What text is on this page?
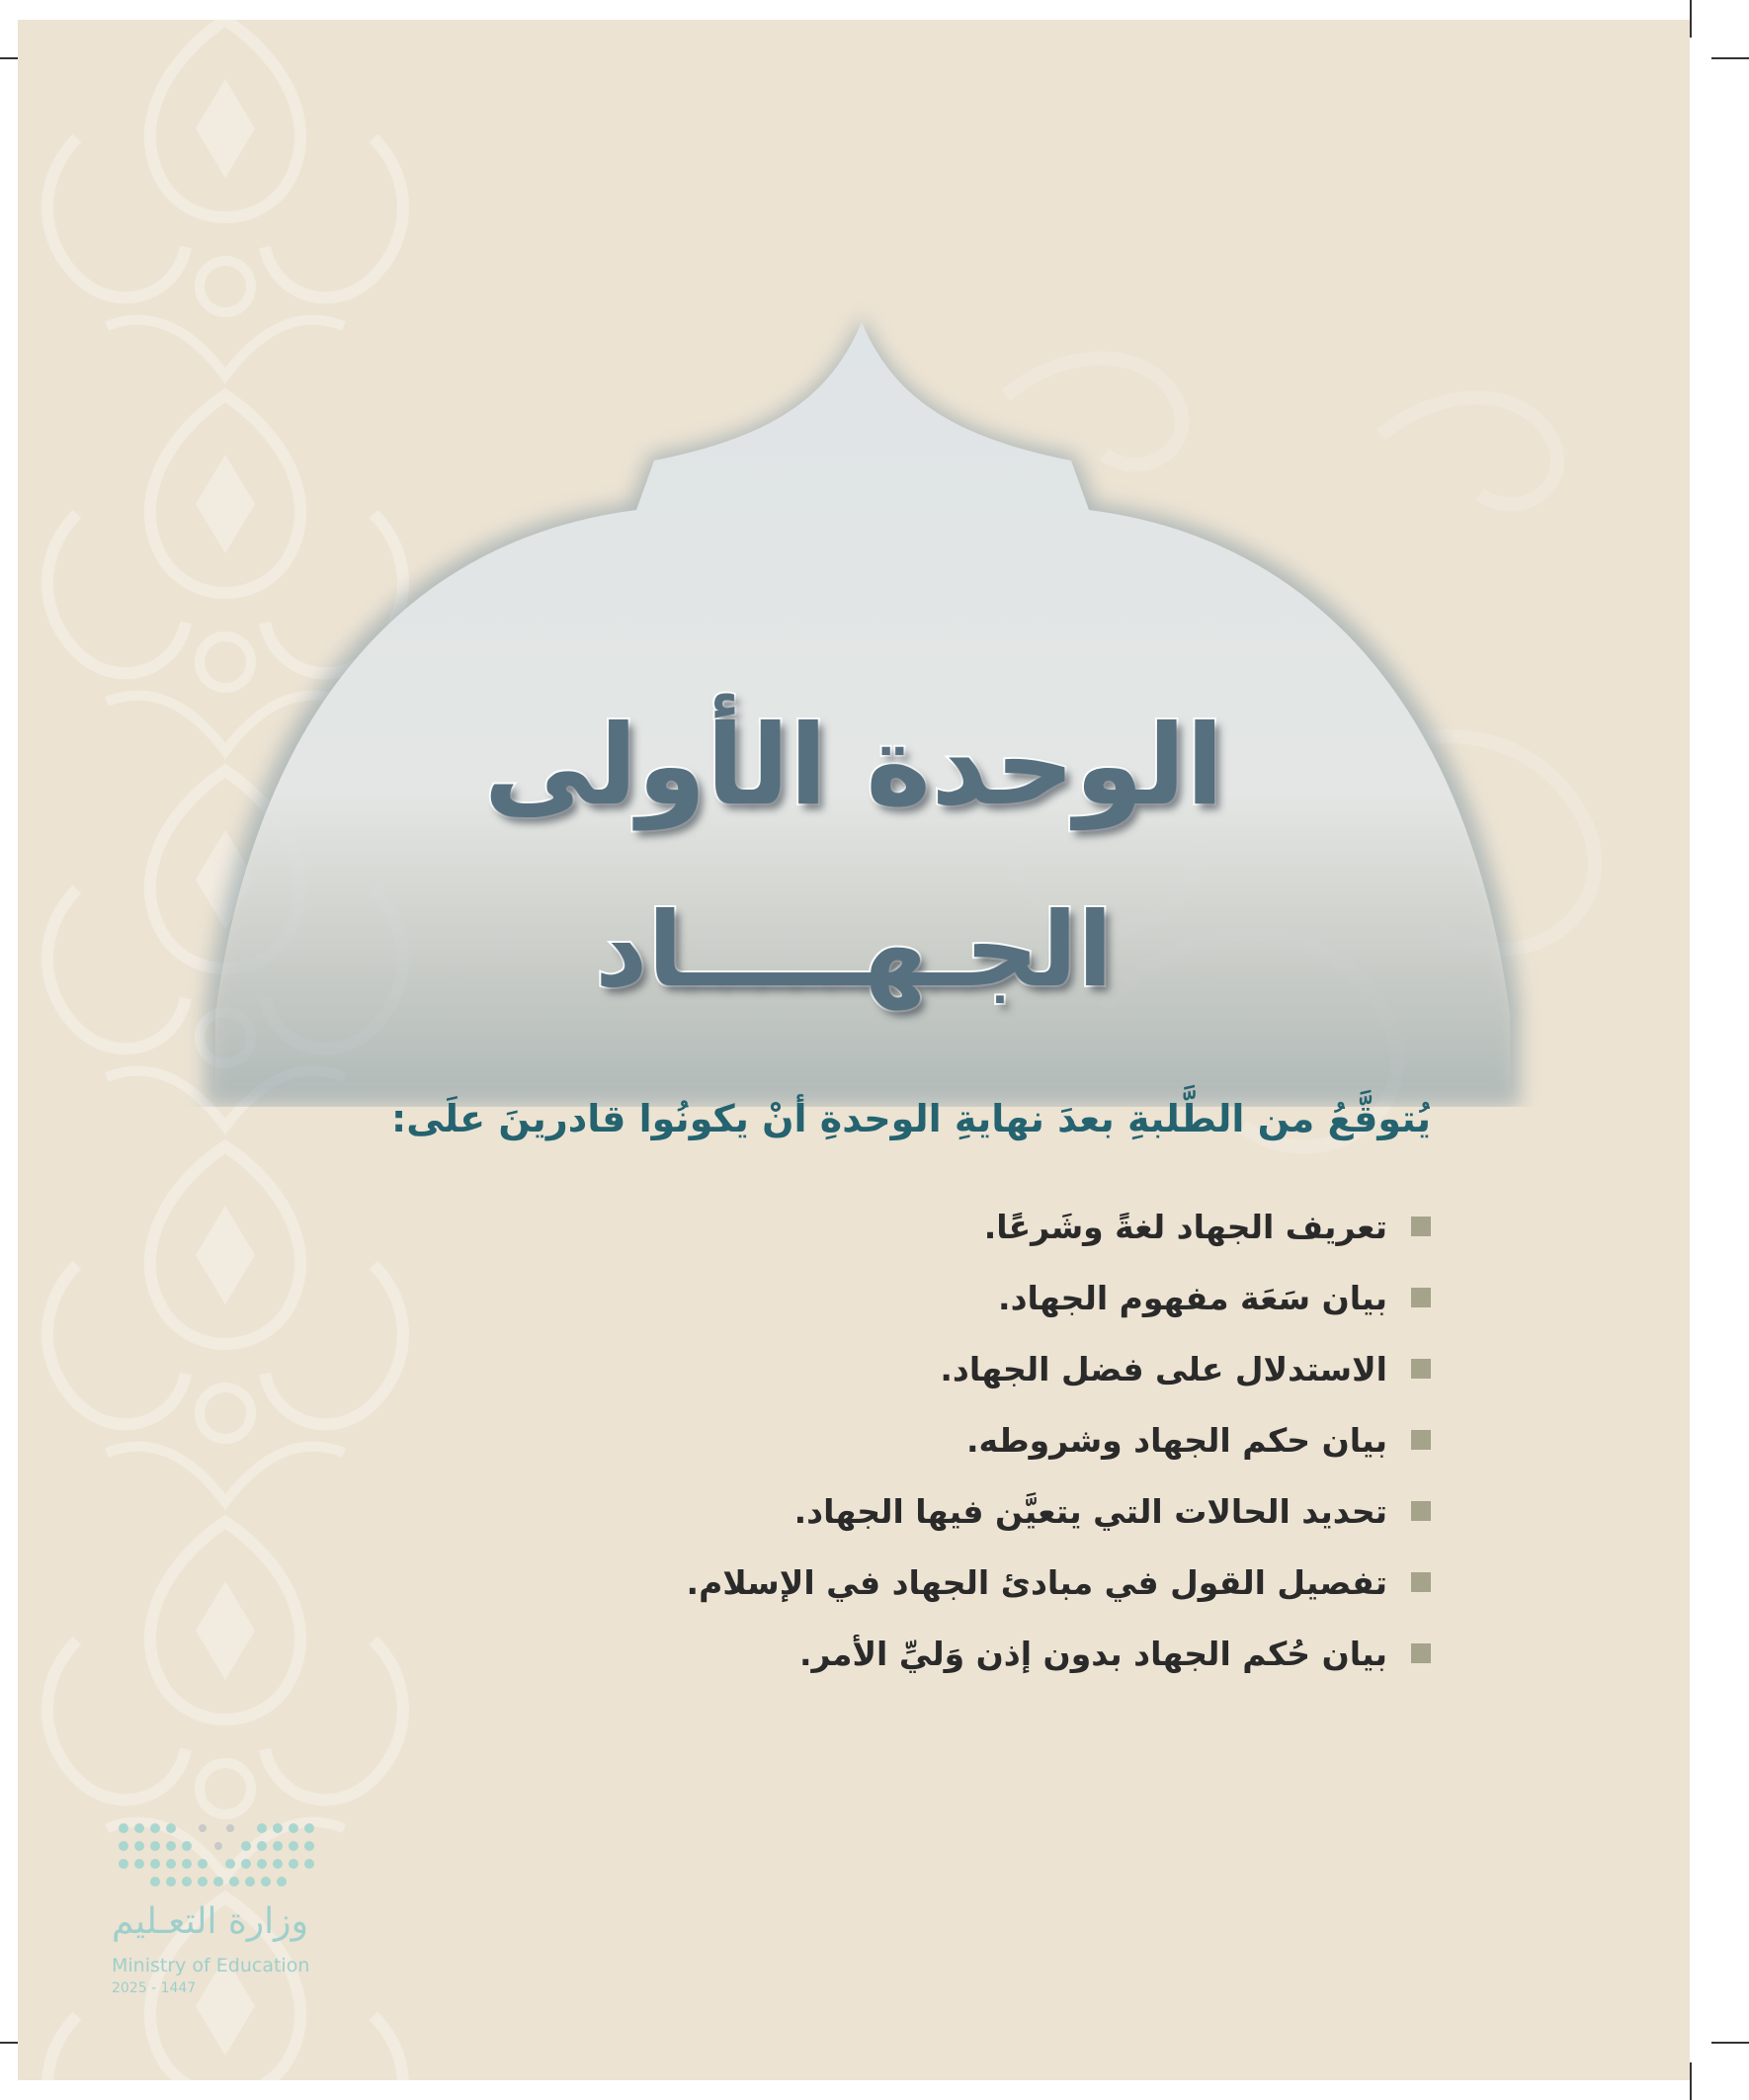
الوحدة الأولى
الجـهـــــاد
يُتوقَّعُ من الطَّلبةِ بعدَ نهايةِ الوحدةِ أنْ يكونُوا قادرينَ علَى:
تعريف الجهاد لغةً وشَرعًا.
بيان سَعَة مفهوم الجهاد.
الاستدلال على فضل الجهاد.
بيان حكم الجهاد وشروطه.
تحديد الحالات التي يتعيَّن فيها الجهاد.
تفصيل القول في مبادئ الجهاد في الإسلام.
بيان حُكم الجهاد بدون إذن وَليِّ الأمر.
وزارة التعـليم
Ministry of Education
2025 - 1447
